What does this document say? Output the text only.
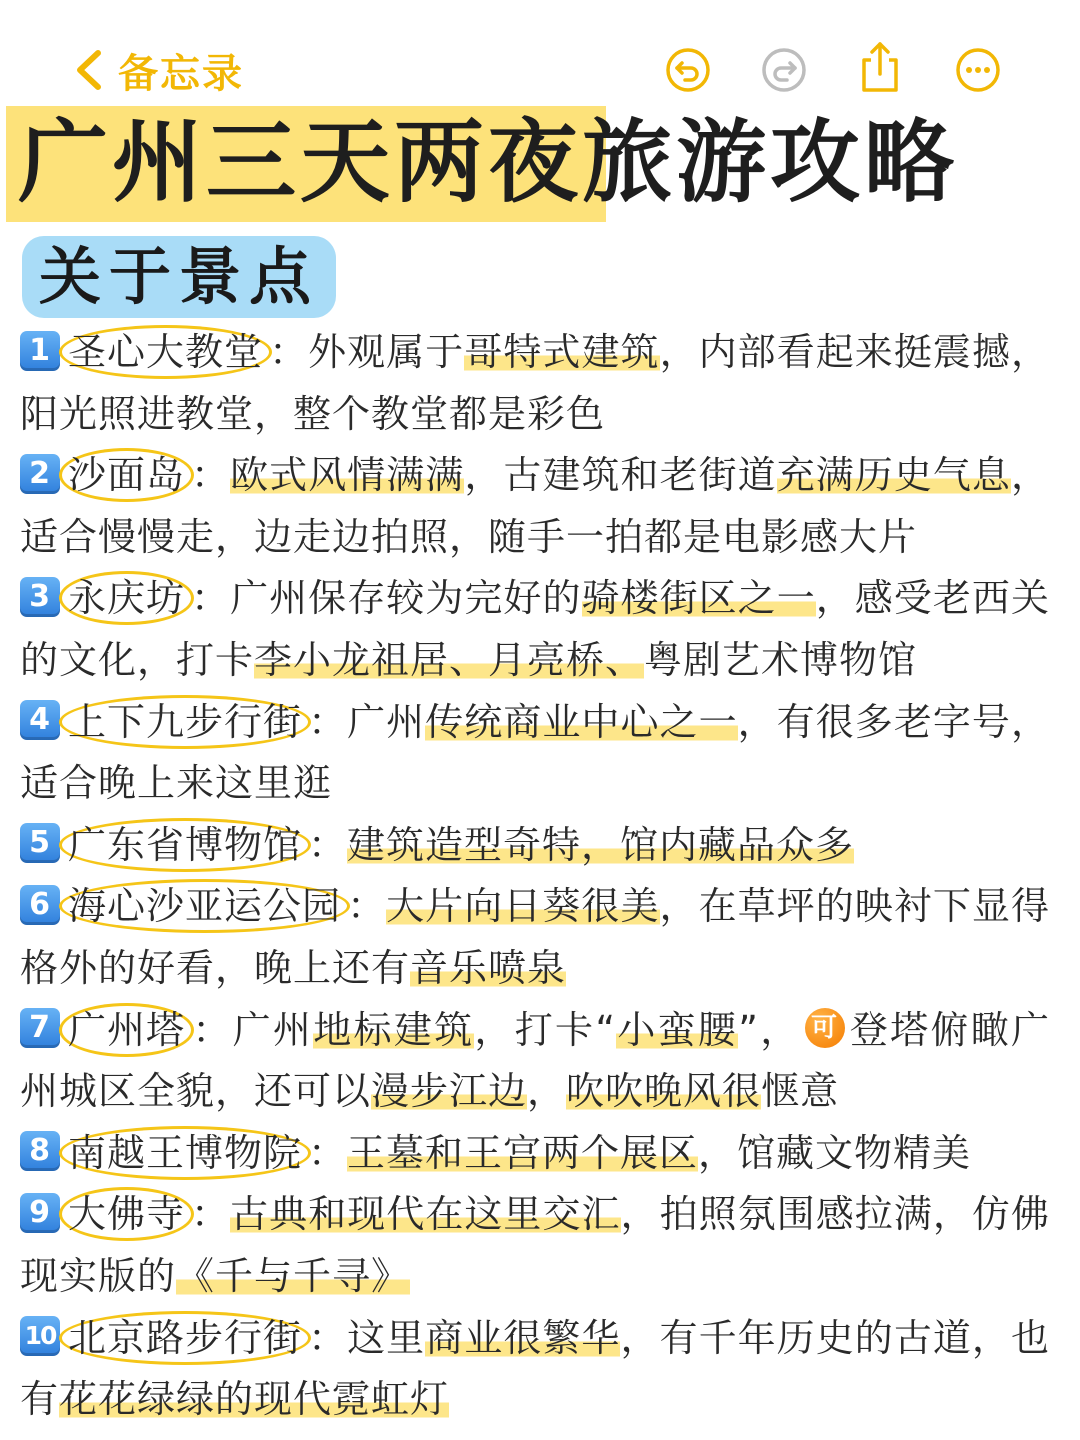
备忘录
广州三天两夜旅游攻略
关于景点
1 圣心大教堂 ：外观属于哥特式建筑，内部看起来挺震撼，阳光照进教堂，整个教堂都是彩色
2 沙面岛 ：欧式风情满满，古建筑和老街道充满历史气息，适合慢慢走，边走边拍照，随手一拍都是电影感大片
3 永庆坊 ：广州保存较为完好的骑楼街区之一，感受老西关的文化，打卡李小龙祖居、月亮桥、粤剧艺术博物馆
4 上下九步行街 ：广州传统商业中心之一，有很多老字号，适合晚上来这里逛
5 广东省博物馆 ：建筑造型奇特，馆内藏品众多
6 海心沙亚运公园 ：大片向日葵很美，在草坪的映衬下显得格外的好看，晚上还有音乐喷泉
7 广州塔 ：广州地标建筑，打卡“小蛮腰”， 可 登塔俯瞰广州城区全貌，还可以漫步江边，吹吹晚风很惬意
8 南越王博物院 ：王墓和王宫两个展区，馆藏文物精美
9 大佛寺 ：古典和现代在这里交汇，拍照氛围感拉满，仿佛现实版的《千与千寻》
10 北京路步行街 ：这里商业很繁华，有千年历史的古道，也有花花绿绿的现代霓虹灯
